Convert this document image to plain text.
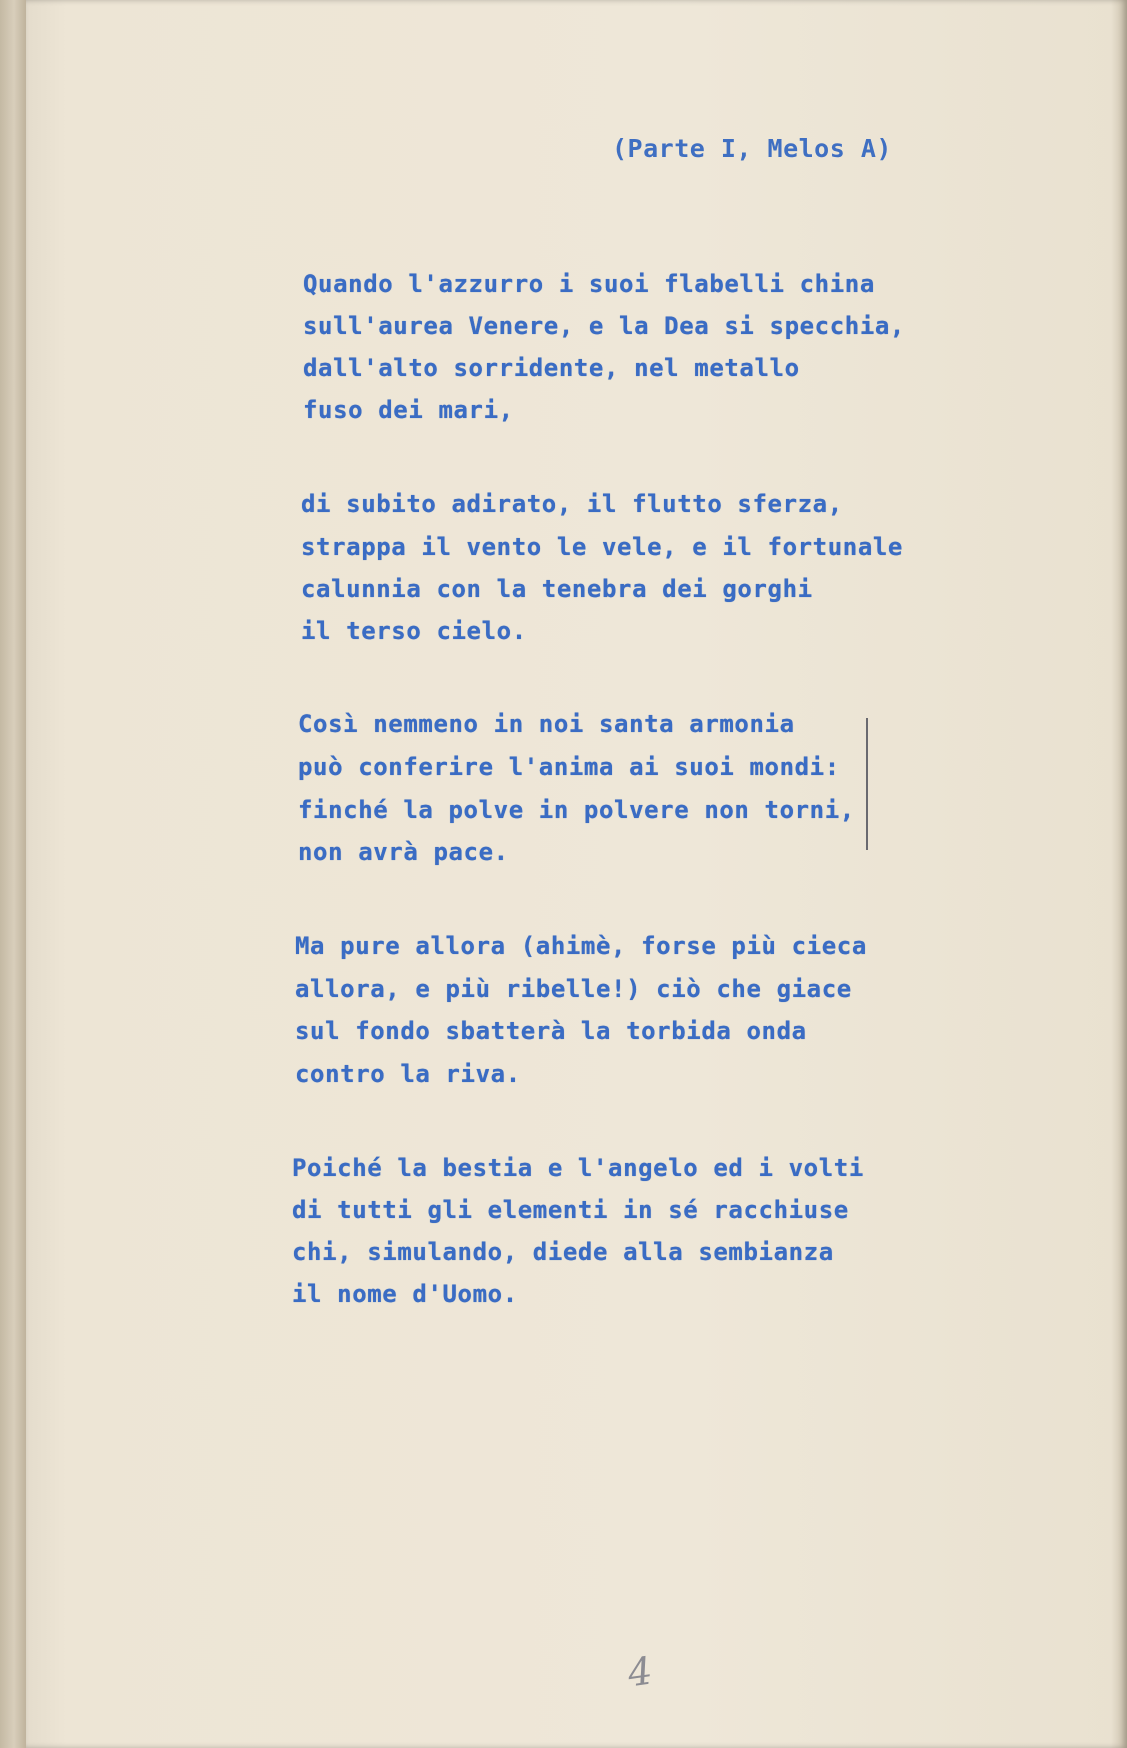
(Parte I, Melos A)
Quando l'azzurro i suoi flabelli china
sull'aurea Venere, e la Dea si specchia,
dall'alto sorridente, nel metallo
fuso dei mari,
di subito adirato, il flutto sferza,
strappa il vento le vele, e il fortunale
calunnia con la tenebra dei gorghi
il terso cielo.
Così nemmeno in noi santa armonia
può conferire l'anima ai suoi mondi:
finché la polve in polvere non torni,
non avrà pace.
Ma pure allora (ahimè, forse più cieca
allora, e più ribelle!) ciò che giace
sul fondo sbatterà la torbida onda
contro la riva.
Poiché la bestia e l'angelo ed i volti
di tutti gli elementi in sé racchiuse
chi, simulando, diede alla sembianza
il nome d'Uomo.
4
